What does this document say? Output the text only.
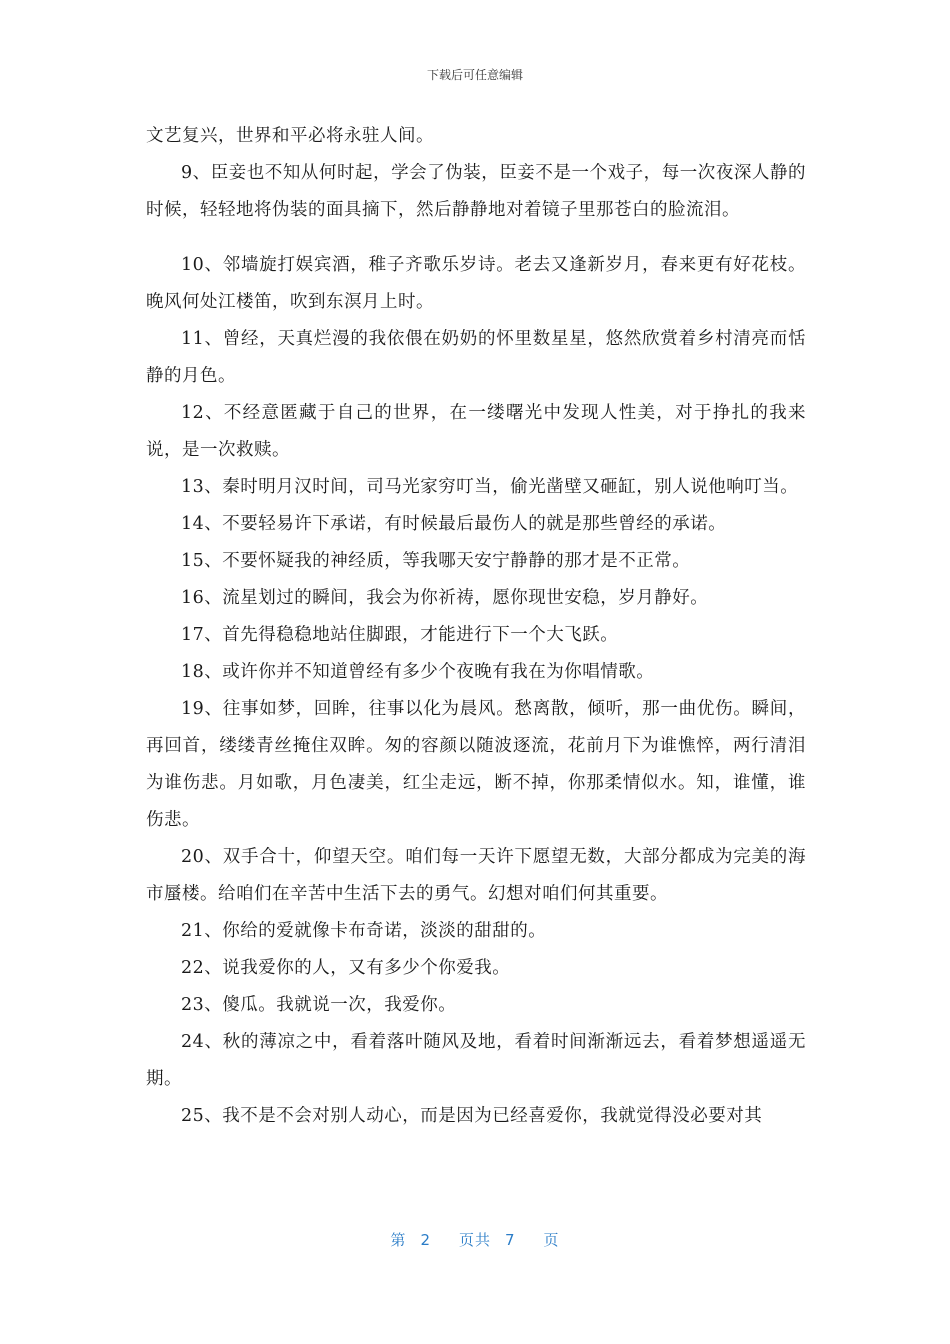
下载后可任意编辑

文艺复兴，世界和平必将永驻人间。

9、臣妾也不知从何时起，学会了伪装，臣妾不是一个戏子，每一次夜深人静的时候，轻轻地将伪装的面具摘下，然后静静地对着镜子里那苍白的脸流泪。

10、邻墙旋打娱宾酒，稚子齐歌乐岁诗。老去又逢新岁月，春来更有好花枝。晚风何处江楼笛，吹到东溟月上时。

11、曾经，天真烂漫的我依偎在奶奶的怀里数星星，悠然欣赏着乡村清亮而恬静的月色。

12、不经意匿藏于自己的世界，在一缕曙光中发现人性美，对于挣扎的我来说，是一次救赎。

13、秦时明月汉时间，司马光家穷叮当，偷光凿壁又砸缸，别人说他响叮当。

14、不要轻易许下承诺，有时候最后最伤人的就是那些曾经的承诺。

15、不要怀疑我的神经质，等我哪天安宁静静的那才是不正常。

16、流星划过的瞬间，我会为你祈祷，愿你现世安稳，岁月静好。

17、首先得稳稳地站住脚跟，才能进行下一个大飞跃。

18、或许你并不知道曾经有多少个夜晚有我在为你唱情歌。

19、往事如梦，回眸，往事以化为晨风。愁离散，倾听，那一曲优伤。瞬间，再回首，缕缕青丝掩住双眸。匆的容颜以随波逐流，花前月下为谁憔悴，两行清泪为谁伤悲。月如歌，月色凄美，红尘走远，断不掉，你那柔情似水。知，谁懂，谁伤悲。

20、双手合十，仰望天空。咱们每一天许下愿望无数，大部分都成为完美的海市蜃楼。给咱们在辛苦中生活下去的勇气。幻想对咱们何其重要。

21、你给的爱就像卡布奇诺，淡淡的甜甜的。

22、说我爱你的人，又有多少个你爱我。

23、傻瓜。我就说一次，我爱你。

24、秋的薄凉之中，看着落叶随风及地，看着时间渐渐远去，看着梦想遥遥无期。

25、我不是不会对别人动心，而是因为已经喜爱你，我就觉得没必要对其

第 2 页共 7 页
